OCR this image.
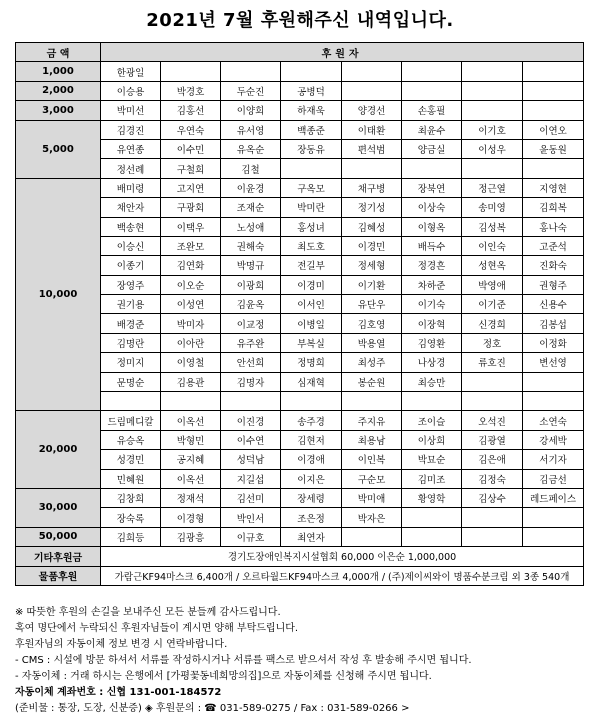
2021년 7월 후원해주신 내역입니다.
금 액	후원자							
1,000	한광일							
2,000	이승용	박경호	두순진	공병덕				
3,000	박미선	김홍선	이양희	하재욱	양경선	손홍필		
5,000	김경진	우연숙	유서영	백종준	이태환	최윤수	이기호	이연오
	유연종	이수민	유옥순	장동유	편석범	양금실	이성우	윤동원
	정선례	구철희	김철					
10,000	배미령	고지연	이윤경	구옥모	채구병	장북연	정근열	지영현
	채안자	구광회	조재순	박미란	정기성	이상숙	송미영	김희복
	백송현	이택우	노성애	홍성녀	김혜성	이형옥	김성복	홍나숙
	이승신	조완모	권해숙	최도호	이경민	배득수	이인숙	고준석
	이종기	김연화	박명규	전길부	정세형	정경흔	성현옥	진화숙
	장영주	이오순	이광희	이경미	이기환	차하준	박영애	권형주
	권기용	이성연	김윤옥	이서인	유단우	이기숙	이기준	신용수
	배경준	박미자	이교정	이병일	김호영	이장혁	신경희	김봉섭
	김명란	이아란	유주완	부복실	박용열	김영환	정호	이정화
	정미지	이영철	안선희	정명희	최성주	나상경	류호진	변선영
	문명순	김용관	김명자	심재혁	봉순원	최승만		

20,000	드림메디칼	이옥선	이진경	송주경	주지유	조이슬	오석진	소연숙
	유승옥	박형민	이수연	김현저	최용남	이상희	김광열	강세박
	성경민	공지혜	성덕남	이경애	이인복	박묘순	김은애	서기자
	민혜원	이옥선	지길섭	이지은	구순모	김미조	김정숙	김금선
30,000	김창희	정재석	김선미	장세령	박미애	황영학	김상수	레드페이스
	장숙록	이경형	박인서	조은정	박자은			
50,000	김희등	김광흥	이규호	최연자				
기타후원금	경기도장애인복지시설협회 60,000 이은순 1,000,000							
물품후원	가람근KF94마스크 6,400개 / 오르타월드KF94마스크 4,000개 / (주)제이씨와이 명품수분크림 외 3종 540개							
※ 따뜻한 후원의 손길을 보내주신 모든 분들께 감사드립니다.
혹여 명단에서 누락되신 후원자님들이 계시면 양해 부탁드립니다.
후원자님의 자동이체 정보 변경 시 연락바랍니다.
- CMS : 시설에 방문 하셔서 서류를 작성하시거나 서류를 팩스로 받으셔서 작성 후 발송해 주시면 됩니다.
- 자동이체 : 거래 하시는 은행에서 [가평꽃동네희망의집]으로 자동이체를 신청해 주시면 됩니다.
자동이체 계좌번호 : 신협 131-001-184572
(준비물 : 통장, 도장, 신분증) ◈ 후원문의 : ☎ 031-589-0275 / Fax : 031-589-0266 >
